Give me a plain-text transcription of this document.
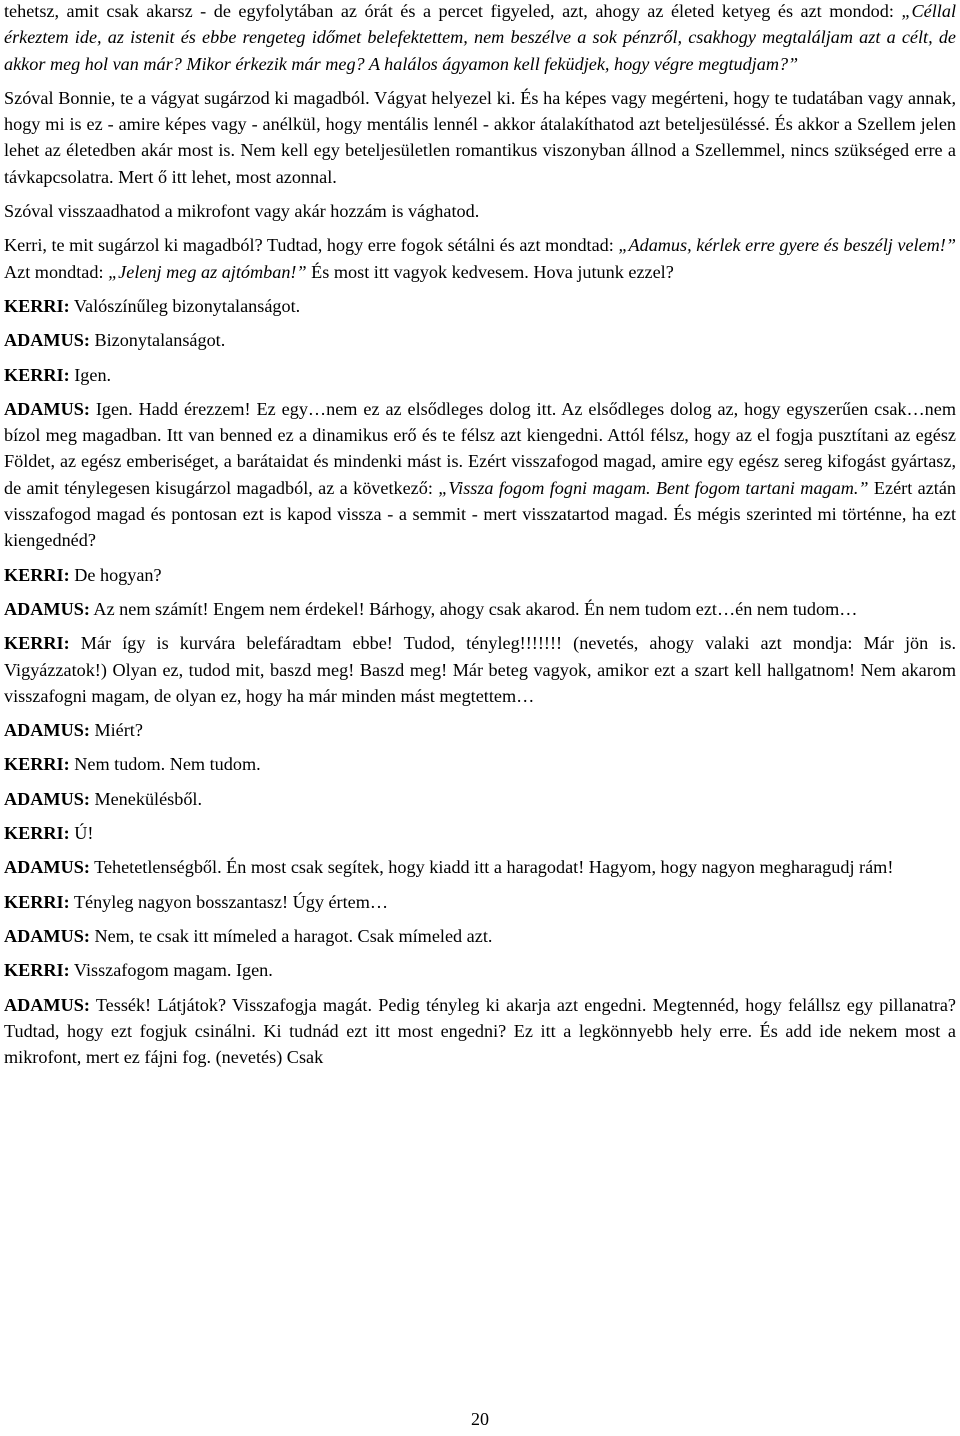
tehetsz, amit csak akarsz - de egyfolytában az órát és a percet figyeled, azt, ahogy az életed ketyeg és azt mondod: „Céllal érkeztem ide, az istenit és ebbe rengeteg időmet belefektettem, nem beszélve a sok pénzről, csakhogy megtaláljam azt a célt, de akkor meg hol van már? Mikor érkezik már meg? A halálos ágyamon kell feküdjek, hogy végre megtudjam?”

Szóval Bonnie, te a vágyat sugárzod ki magadból. Vágyat helyezel ki. És ha képes vagy megérteni, hogy te tudatában vagy annak, hogy mi is ez - amire képes vagy - anélkül, hogy mentális lennél - akkor átalakíthatod azt beteljesüléssé. És akkor a Szellem jelen lehet az életedben akár most is. Nem kell egy beteljesületlen romantikus viszonyban állnod a Szellemmel, nincs szükséged erre a távkapcsolatra. Mert ő itt lehet, most azonnal.

Szóval visszaadhatod a mikrofont vagy akár hozzám is vághatod.

Kerri, te mit sugárzol ki magadból? Tudtad, hogy erre fogok sétálni és azt mondtad: „Adamus, kérlek erre gyere és beszélj velem!” Azt mondtad: „Jelenj meg az ajtómban!” És most itt vagyok kedvesem. Hova jutunk ezzel?

KERRI: Valószínűleg bizonytalanságot.

ADAMUS: Bizonytalanságot.

KERRI: Igen.

ADAMUS: Igen. Hadd érezzem! Ez egy…nem ez az elsődleges dolog itt. Az elsődleges dolog az, hogy egyszerűen csak…nem bízol meg magadban. Itt van benned ez a dinamikus erő és te félsz azt kiengedni. Attól félsz, hogy az el fogja pusztítani az egész Földet, az egész emberiséget, a barátaidat és mindenki mást is. Ezért visszafogod magad, amire egy egész sereg kifogást gyártasz, de amit ténylegesen kisugárzol magadból, az a következő: „Vissza fogom fogni magam. Bent fogom tartani magam.” Ezért aztán visszafogod magad és pontosan ezt is kapod vissza - a semmit - mert visszatartod magad. És mégis szerinted mi történne, ha ezt kiengednéd?

KERRI: De hogyan?

ADAMUS: Az nem számít! Engem nem érdekel! Bárhogy, ahogy csak akarod. Én nem tudom ezt…én nem tudom…

KERRI: Már így is kurvára belefáradtam ebbe! Tudod, tényleg!!!!!!! (nevetés, ahogy valaki azt mondja: Már jön is. Vigyázzatok!) Olyan ez, tudod mit, baszd meg! Baszd meg! Már beteg vagyok, amikor ezt a szart kell hallgatnom! Nem akarom visszafogni magam, de olyan ez, hogy ha már minden mást megtettem…

ADAMUS: Miért?

KERRI: Nem tudom. Nem tudom.

ADAMUS: Menekülésből.

KERRI: Ú!

ADAMUS: Tehetetlenségből. Én most csak segítek, hogy kiadd itt a haragodat! Hagyom, hogy nagyon megharagudj rám!

KERRI: Tényleg nagyon bosszantasz! Úgy értem…

ADAMUS: Nem, te csak itt mímeled a haragot. Csak mímeled azt.

KERRI: Visszafogom magam. Igen.

ADAMUS: Tessék! Látjátok? Visszafogja magát. Pedig tényleg ki akarja azt engedni. Megtennéd, hogy felállsz egy pillanatra? Tudtad, hogy ezt fogjuk csinálni. Ki tudnád ezt itt most engedni? Ez itt a legkönnyebb hely erre. És add ide nekem most a mikrofont, mert ez fájni fog. (nevetés) Csak

20
